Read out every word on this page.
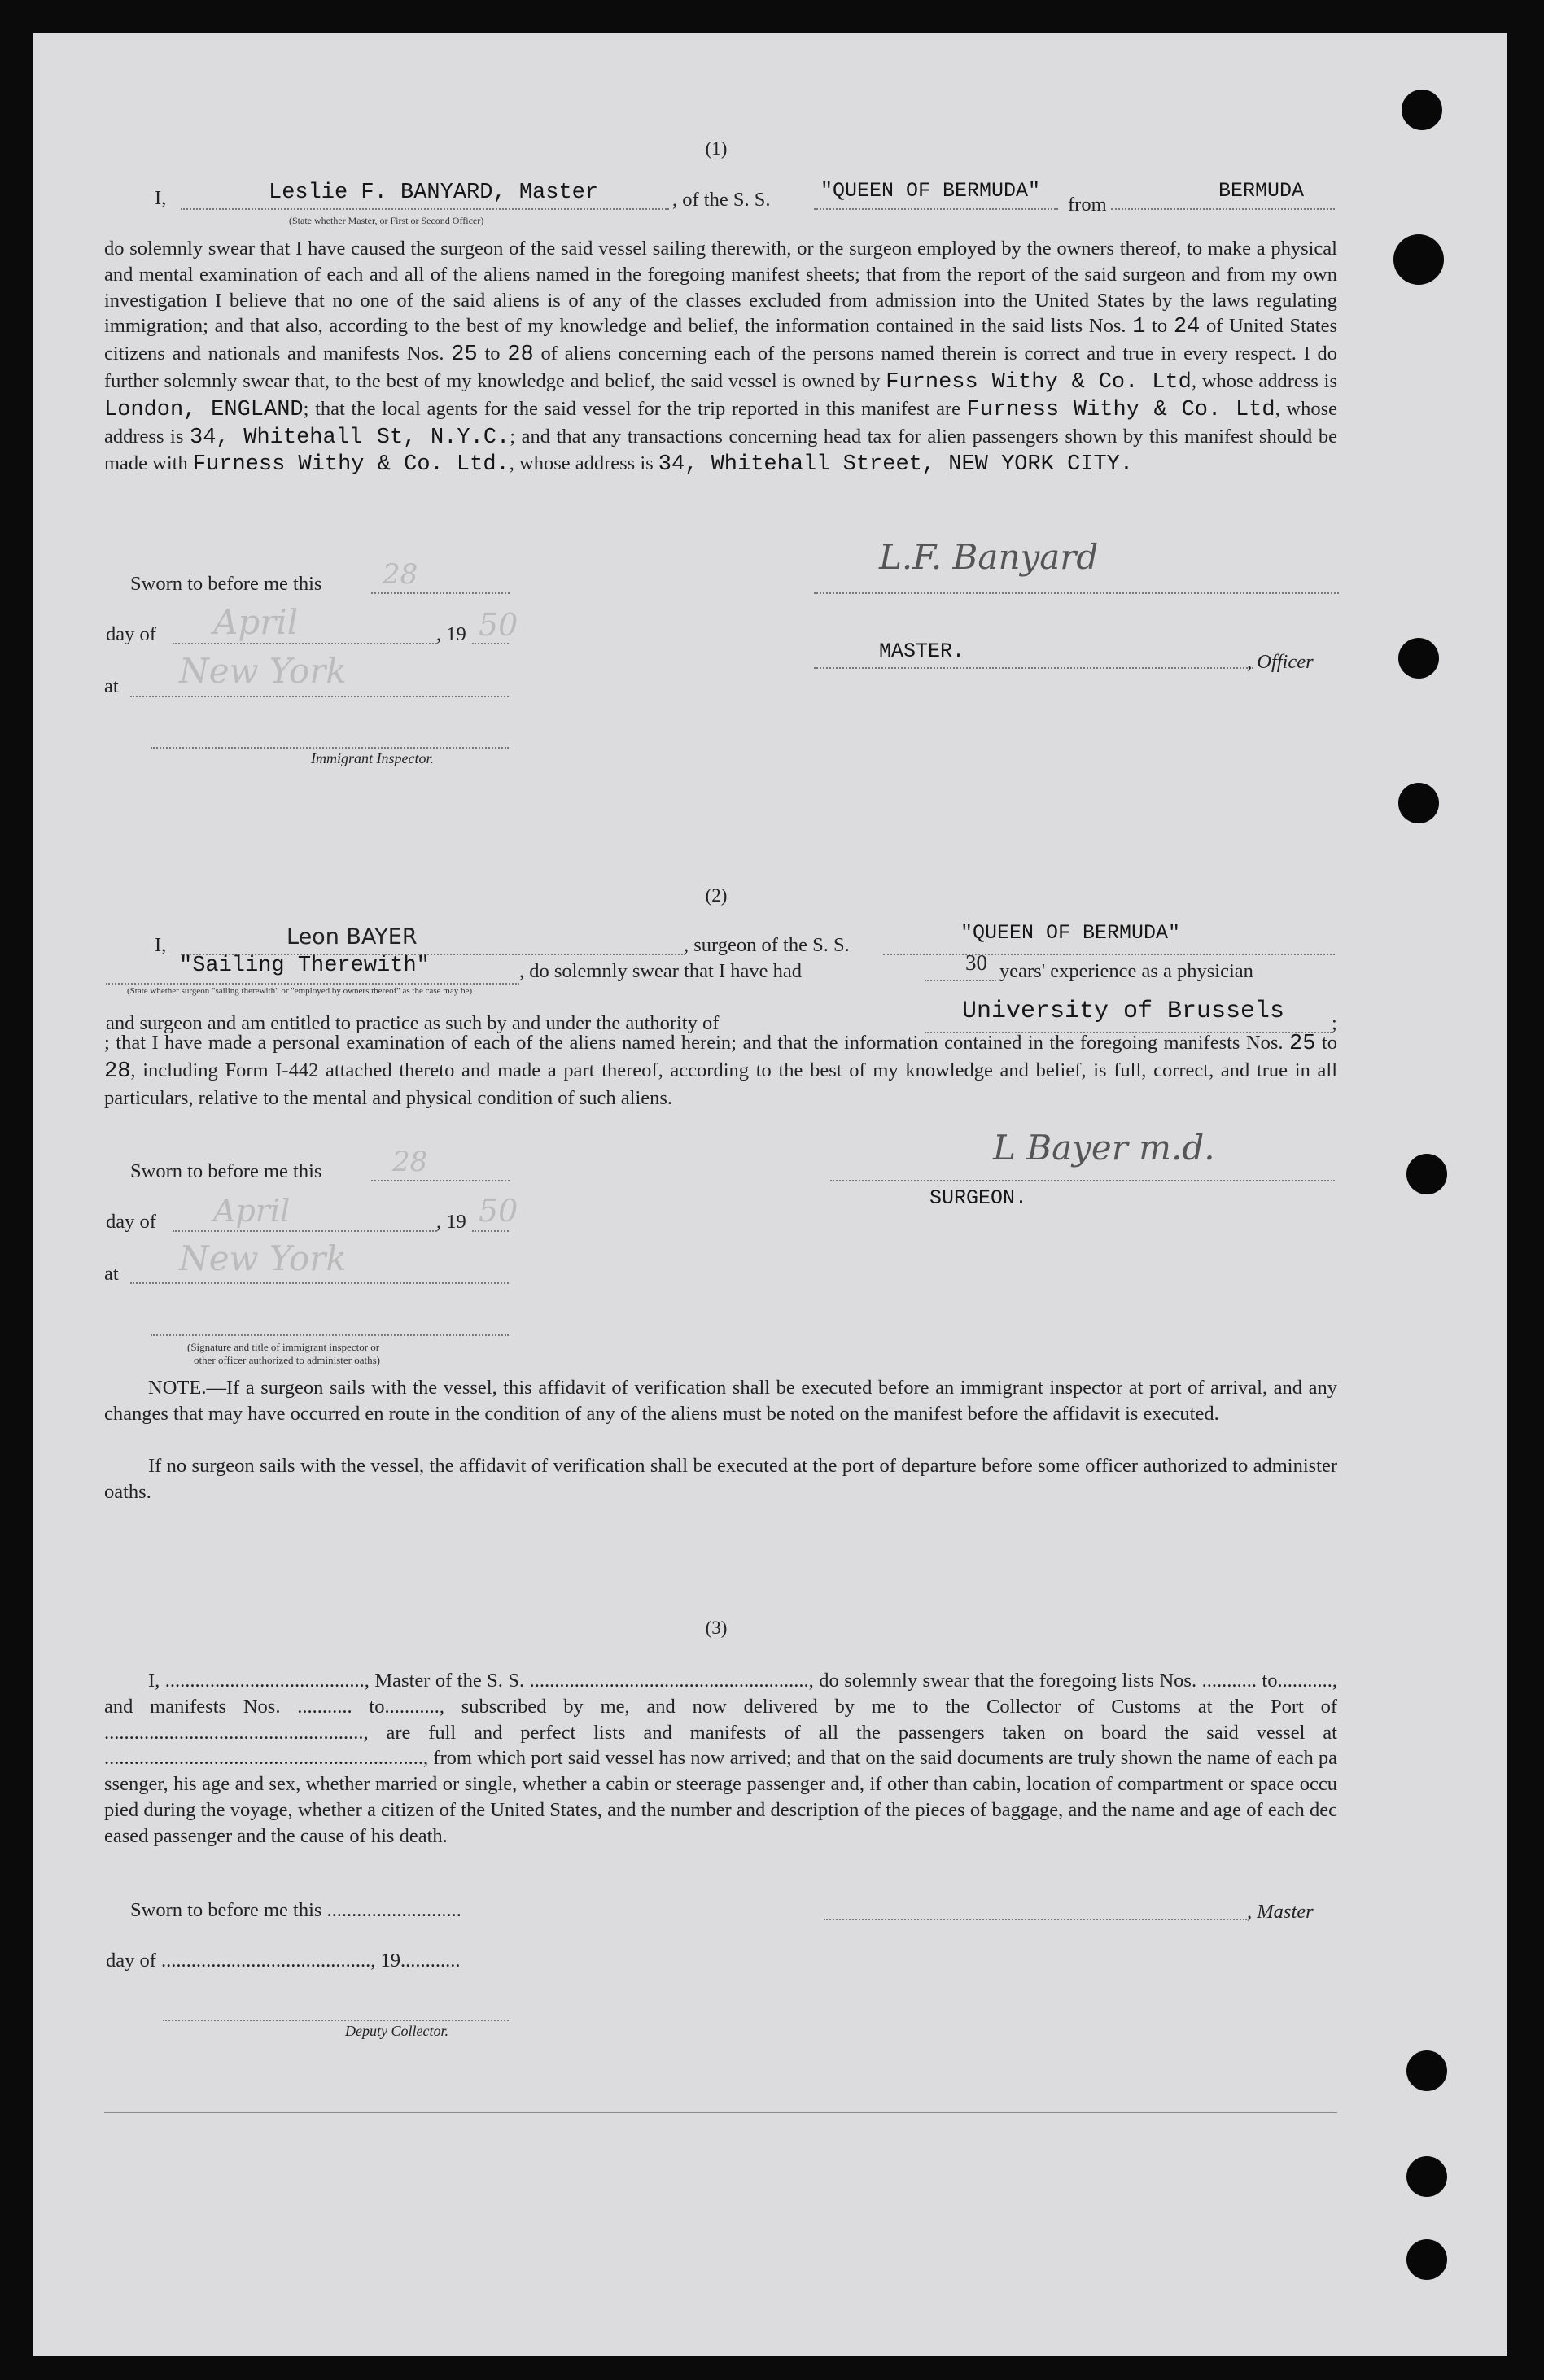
(1)
I,	Leslie F. BANYARD, Master	, of the S. S. "QUEEN OF BERMUDA"
from
BERMUDA
(State whether Master, or First or Second Officer)
do solemnly swear that I have caused the surgeon of the said vessel sailing therewith, or the surgeon employed by the owners thereof, to make a physical and mental examination of each and all of the aliens named in the foregoing manifest sheets; that from the report of the said surgeon and from my own investigation I believe that no one of the said aliens is of any of the classes excluded from admission into the United States by the laws regulating immigration; and that also, according to the best of my knowledge and belief, the information contained in the said lists Nos. 1 to 24 of United States citizens and nationals and manifests Nos. 25 to 28 of aliens concerning each of the persons named therein is correct and true in every respect. I do further solemnly swear that, to the best of my knowledge and belief, the said vessel is owned by Furness Withy & Co. Ltd, whose address is London, ENGLAND; that the local agents for the said vessel for the trip reported in this manifest are Furness Withy & Co. Ltd, whose address is 34, Whitehall St, N.Y.C.; and that any transactions concerning head tax for alien passengers shown by this manifest should be made with Furness Withy & Co. Ltd., whose address is 34, Whitehall Street, NEW YORK CITY.
Sworn to before me this 28
day of April	, 19 50
at New York
Immigrant Inspector.
L.F. Banyard
MASTER.	, Officer
(2)
I,	Leon BAYER	, surgeon of the S. S.
"QUEEN OF BERMUDA"
"Sailing Therewith"	, do solemnly swear that I have had	30 years' experience as a physician
(State whether surgeon "sailing therewith" or "employed by owners thereof" as the case may be)
and surgeon and am entitled to practice as such by and under the authority of	University of Brussels ;
; that I have made a personal examination of each of the aliens named herein; and that the information contained in the foregoing manifests Nos. 25 to 28, including Form I-442 attached thereto and made a part thereof, according to the best of my knowledge and belief, is full, correct, and true in all particulars, relative to the mental and physical condition of such aliens.
Sworn to before me this	28
day of April	, 19 50
at New York
(Signature and title of immigrant inspector or
other officer authorized to administer oaths)
L Bayer m.d.
SURGEON.
NOTE.—If a surgeon sails with the vessel, this affidavit of verification shall be executed before an immigrant inspector at port of arrival, and any changes that may have occurred en route in the condition of any of the aliens must be noted on the manifest before the affidavit is executed.
If no surgeon sails with the vessel, the affidavit of verification shall be executed at the port of departure before some officer authorized to administer oaths.
(3)
I, ........................................, Master of the S. S. ........................................................, do solemnly swear that the foregoing lists Nos. ........... to..........., and manifests Nos. ........... to..........., subscribed by me, and now delivered by me to the Collector of Customs at the Port of ...................................................., are full and perfect lists and manifests of all the passengers taken on board the said vessel at ................................................................, from which port said vessel has now arrived; and that on the said documents are truly shown the name of each passenger, his age and sex, whether married or single, whether a cabin or steerage passenger and, if other than cabin, location of compartment or space occupied during the voyage, whether a citizen of the United States, and the number and description of the pieces of baggage, and the name and age of each deceased passenger and the cause of his death.
Sworn to before me this ...........................	, Master
day of .........................................., 19............
Deputy Collector.
